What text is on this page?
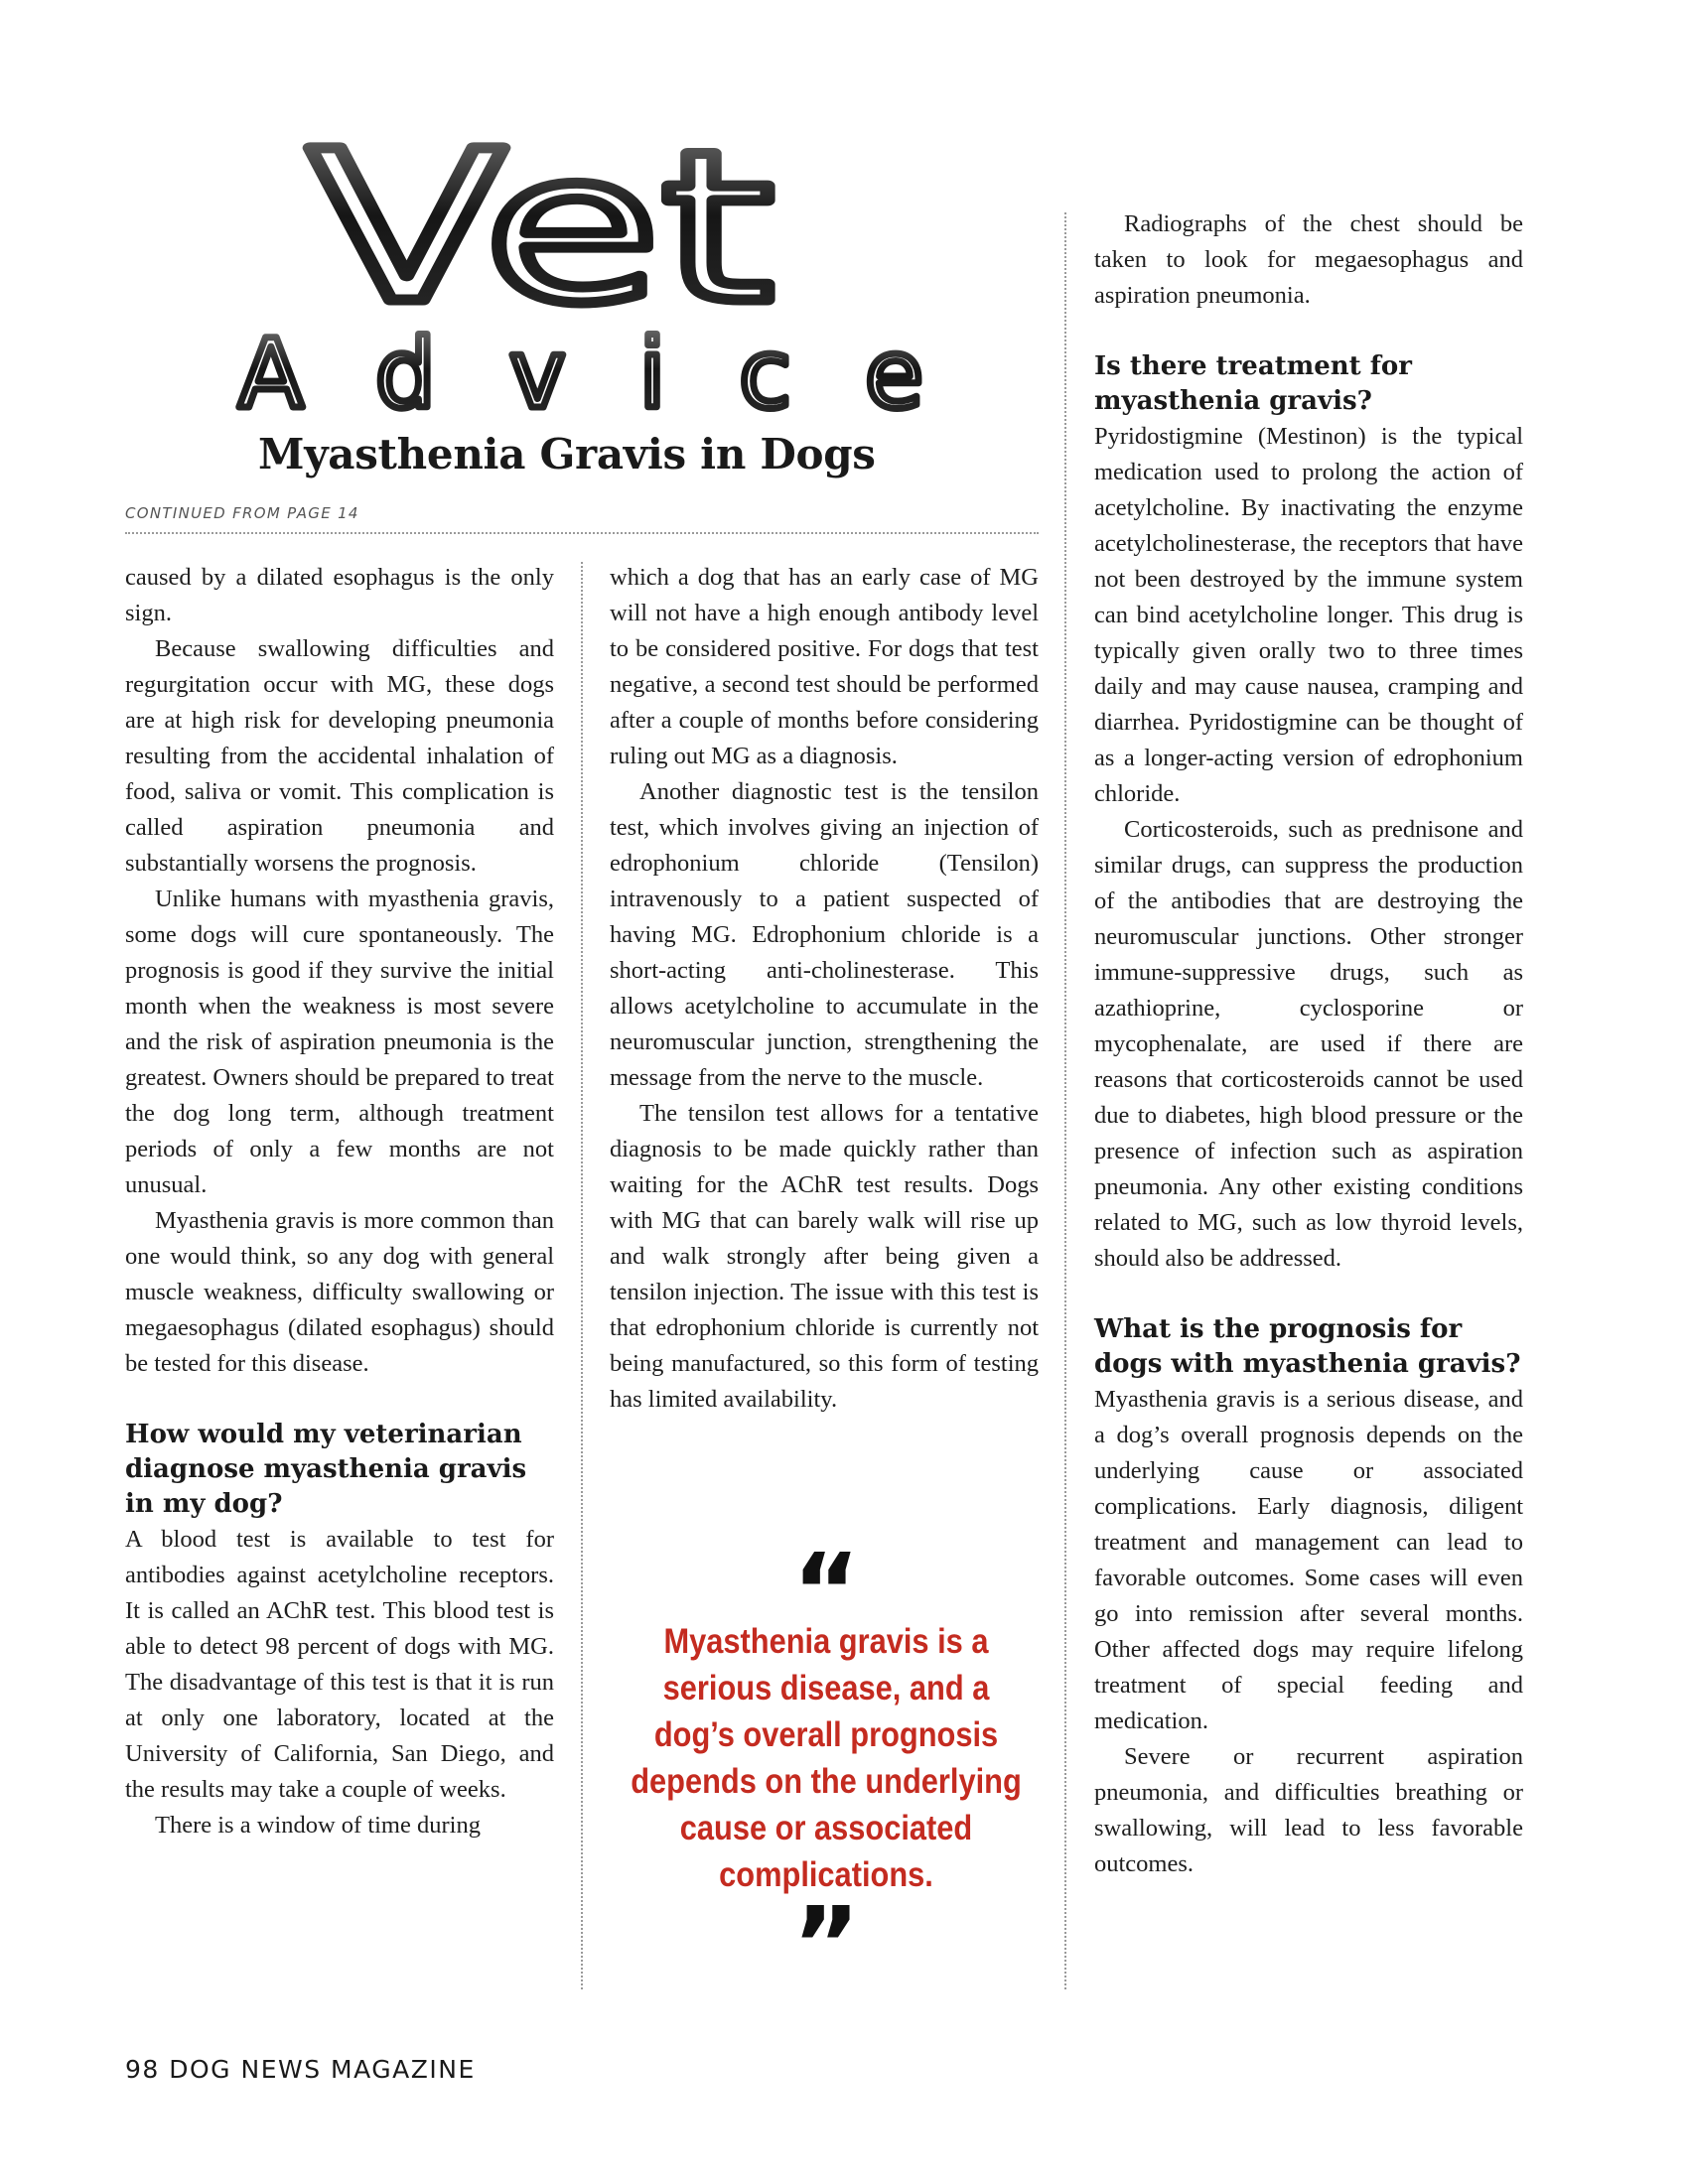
Vet
Advice
Myasthenia Gravis in Dogs
CONTINUED FROM PAGE 14

caused by a dilated esophagus is the only sign.

Because swallowing difficulties and regurgitation occur with MG, these dogs are at high risk for developing pneumonia resulting from the accidental inhalation of food, saliva or vomit. This complication is called aspiration pneumonia and substantially worsens the prognosis.

Unlike humans with myasthenia gravis, some dogs will cure spontaneously. The prognosis is good if they survive the initial month when the weakness is most severe and the risk of aspiration pneumonia is the greatest. Owners should be prepared to treat the dog long term, although treatment periods of only a few months are not unusual.

Myasthenia gravis is more common than one would think, so any dog with general muscle weakness, difficulty swallowing or megaesophagus (dilated esophagus) should be tested for this disease.

How would my veterinarian diagnose myasthenia gravis in my dog?

A blood test is available to test for antibodies against acetylcholine receptors. It is called an AChR test. This blood test is able to detect 98 percent of dogs with MG. The disadvantage of this test is that it is run at only one laboratory, located at the University of California, San Diego, and the results may take a couple of weeks.

There is a window of time during

which a dog that has an early case of MG will not have a high enough antibody level to be considered positive. For dogs that test negative, a second test should be performed after a couple of months before considering ruling out MG as a diagnosis.

Another diagnostic test is the tensilon test, which involves giving an injection of edrophonium chloride (Tensilon) intravenously to a patient suspected of having MG. Edrophonium chloride is a short-acting anti-cholinesterase. This allows acetylcholine to accumulate in the neuromuscular junction, strengthening the message from the nerve to the muscle.

The tensilon test allows for a tentative diagnosis to be made quickly rather than waiting for the AChR test results. Dogs with MG that can barely walk will rise up and walk strongly after being given a tensilon injection. The issue with this test is that edrophonium chloride is currently not being manufactured, so this form of testing has limited availability.

“
Myasthenia gravis is a serious disease, and a dog’s overall prognosis depends on the underlying cause or associated complications.
”

Radiographs of the chest should be taken to look for megaesophagus and aspiration pneumonia.

Is there treatment for myasthenia gravis?

Pyridostigmine (Mestinon) is the typical medication used to prolong the action of acetylcholine. By inactivating the enzyme acetylcholinesterase, the receptors that have not been destroyed by the immune system can bind acetylcholine longer. This drug is typically given orally two to three times daily and may cause nausea, cramping and diarrhea. Pyridostigmine can be thought of as a longer-acting version of edrophonium chloride.

Corticosteroids, such as prednisone and similar drugs, can suppress the production of the antibodies that are destroying the neuromuscular junctions. Other stronger immune-suppressive drugs, such as azathioprine, cyclosporine or mycophenalate, are used if there are reasons that corticosteroids cannot be used due to diabetes, high blood pressure or the presence of infection such as aspiration pneumonia. Any other existing conditions related to MG, such as low thyroid levels, should also be addressed.

What is the prognosis for dogs with myasthenia gravis?

Myasthenia gravis is a serious disease, and a dog’s overall prognosis depends on the underlying cause or associated complications. Early diagnosis, diligent treatment and management can lead to favorable outcomes. Some cases will even go into remission after several months. Other affected dogs may require lifelong treatment of special feeding and medication.

Severe or recurrent aspiration pneumonia, and difficulties breathing or swallowing, will lead to less favorable outcomes.

98 DOG NEWS MAGAZINE
